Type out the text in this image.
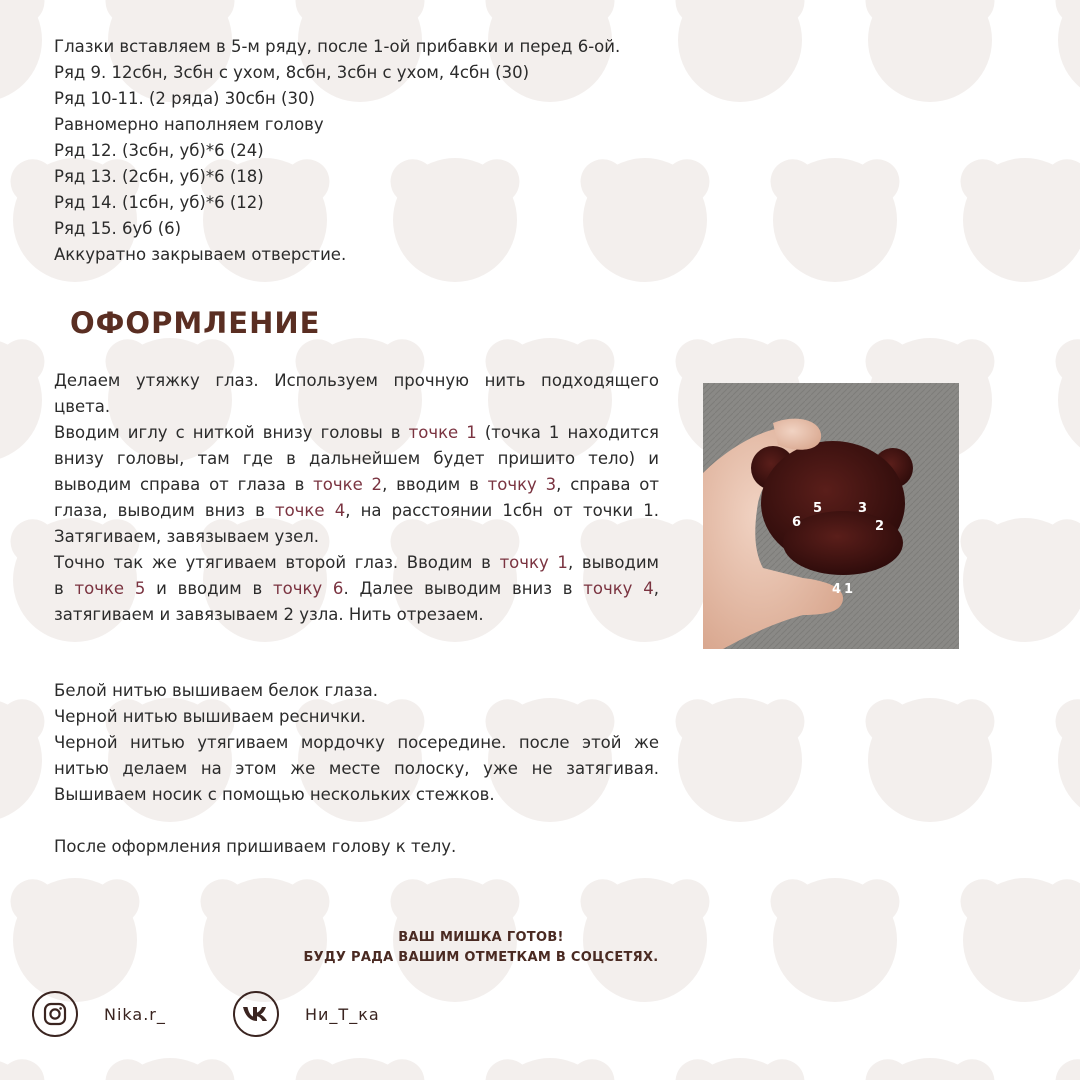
Глазки вставляем в 5-м ряду, после 1-ой прибавки и перед 6-ой.

Ряд 9. 12сбн, 3сбн с ухом, 8сбн, 3сбн с ухом, 4сбн (30)

Ряд 10-11. (2 ряда) 30сбн (30)

Равномерно наполняем голову

Ряд 12. (3сбн, уб)*6 (24)

Ряд 13. (2сбн, уб)*6 (18)

Ряд 14. (1сбн, уб)*6 (12)

Ряд 15. 6уб (6)

Аккуратно закрываем отверстие.

ОФОРМЛЕНИЕ
Делаем утяжку глаз. Используем прочную нить подходящего
цвета.
Вводим иглу с ниткой внизу головы в точке 1 (точка 1 находится
внизу головы, там где в дальнейшем будет пришито тело) и
выводим справа от глаза в точке 2, вводим в точку 3, справа от
глаза, выводим вниз в точке 4, на расстоянии 1сбн от точки 1.
Затягиваем, завязываем узел.
Точно так же утягиваем второй глаз. Вводим в точку 1, выводим
в точке 5 и вводим в точку 6. Далее выводим вниз в точку 4,
затягиваем и завязываем 2 узла. Нить отрезаем.
5	3
6	2
4 1

Белой нитью вышиваем белок глаза.

Черной нитью вышиваем реснички.

Черной нитью утягиваем мордочку посередине. после этой же

нитью делаем на этом же месте полоску, уже не затягивая.

Вышиваем носик с помощью нескольких стежков.

После оформления пришиваем голову к телу.

ВАШ МИШКА ГОТОВ!
БУДУ РАДА ВАШИМ ОТМЕТКАМ В СОЦСЕТЯХ.
Nika.r_	Ни_Т_ка
